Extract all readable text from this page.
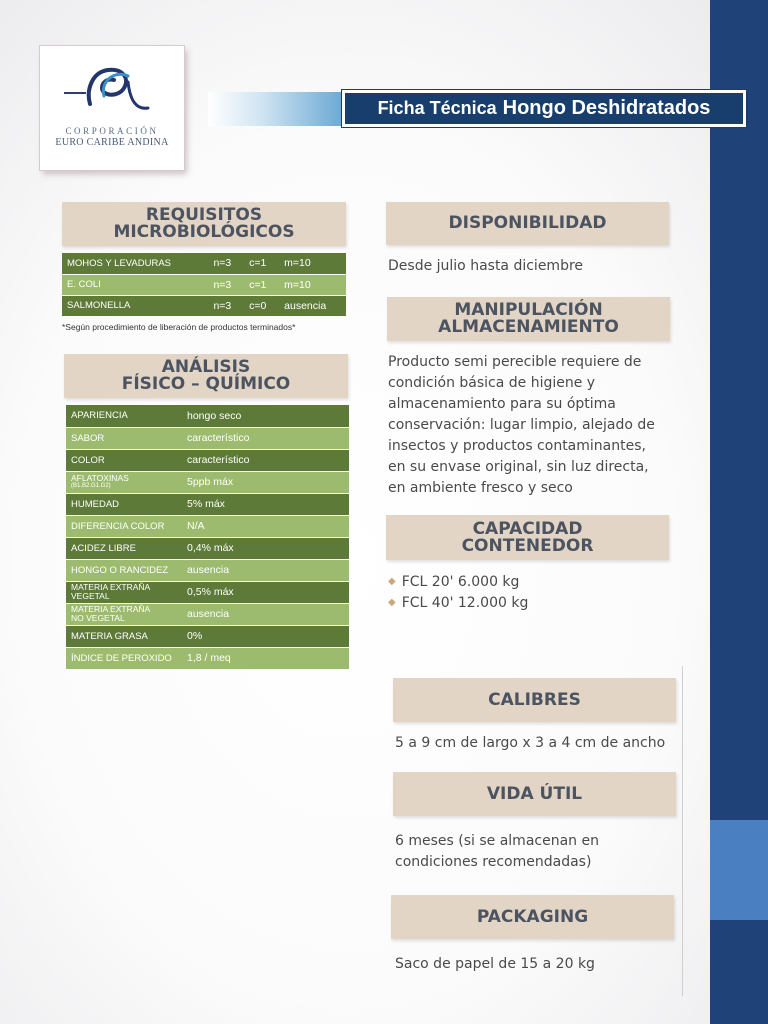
CORPORACIÓN
EURO CARIBE ANDINA
Ficha Técnica Hongo Deshidratados
REQUISITOS
MICROBIOLÓGICOS
MOHOS Y LEVADURAS	n=3	c=1	m=10
E. COLI	n=3	c=1	m=10
SALMONELLA	n=3	c=0	ausencia
*Según procedimiento de liberación de productos terminados*
ANÁLISIS
FÍSICO – QUÍMICO
APARIENCIA	hongo seco
SABOR	característico
COLOR	característico

AFLATOXINAS
(B1.B2.G1.G2)	5ppb máx
HUMEDAD	5% máx
DIFERENCIA COLOR	N/A
ACIDEZ LIBRE	0,4% máx
HONGO O RANCIDEZ	ausencia

MATERIA EXTRAÑA
VEGETAL	0,5% máx

MATERIA EXTRAÑA
NO VEGETAL	ausencia
MATERIA GRASA	0%
ÍNDICE DE PEROXIDO	1,8 / meq
DISPONIBILIDAD
Desde julio hasta diciembre
MANIPULACIÓN
ALMACENAMIENTO
Producto semi perecible requiere de
condición básica de higiene y
almacenamiento para su óptima
conservación: lugar limpio, alejado de
insectos y productos contaminantes,
en su envase original, sin luz directa,
en ambiente fresco y seco
CAPACIDAD
CONTENEDOR
◆ FCL 20' 6.000 kg
◆ FCL 40' 12.000 kg
CALIBRES
5 a 9 cm de largo x 3 a 4 cm de ancho
VIDA ÚTIL
6 meses (si se almacenan en
condiciones recomendadas)
PACKAGING
Saco de papel de 15 a 20 kg
